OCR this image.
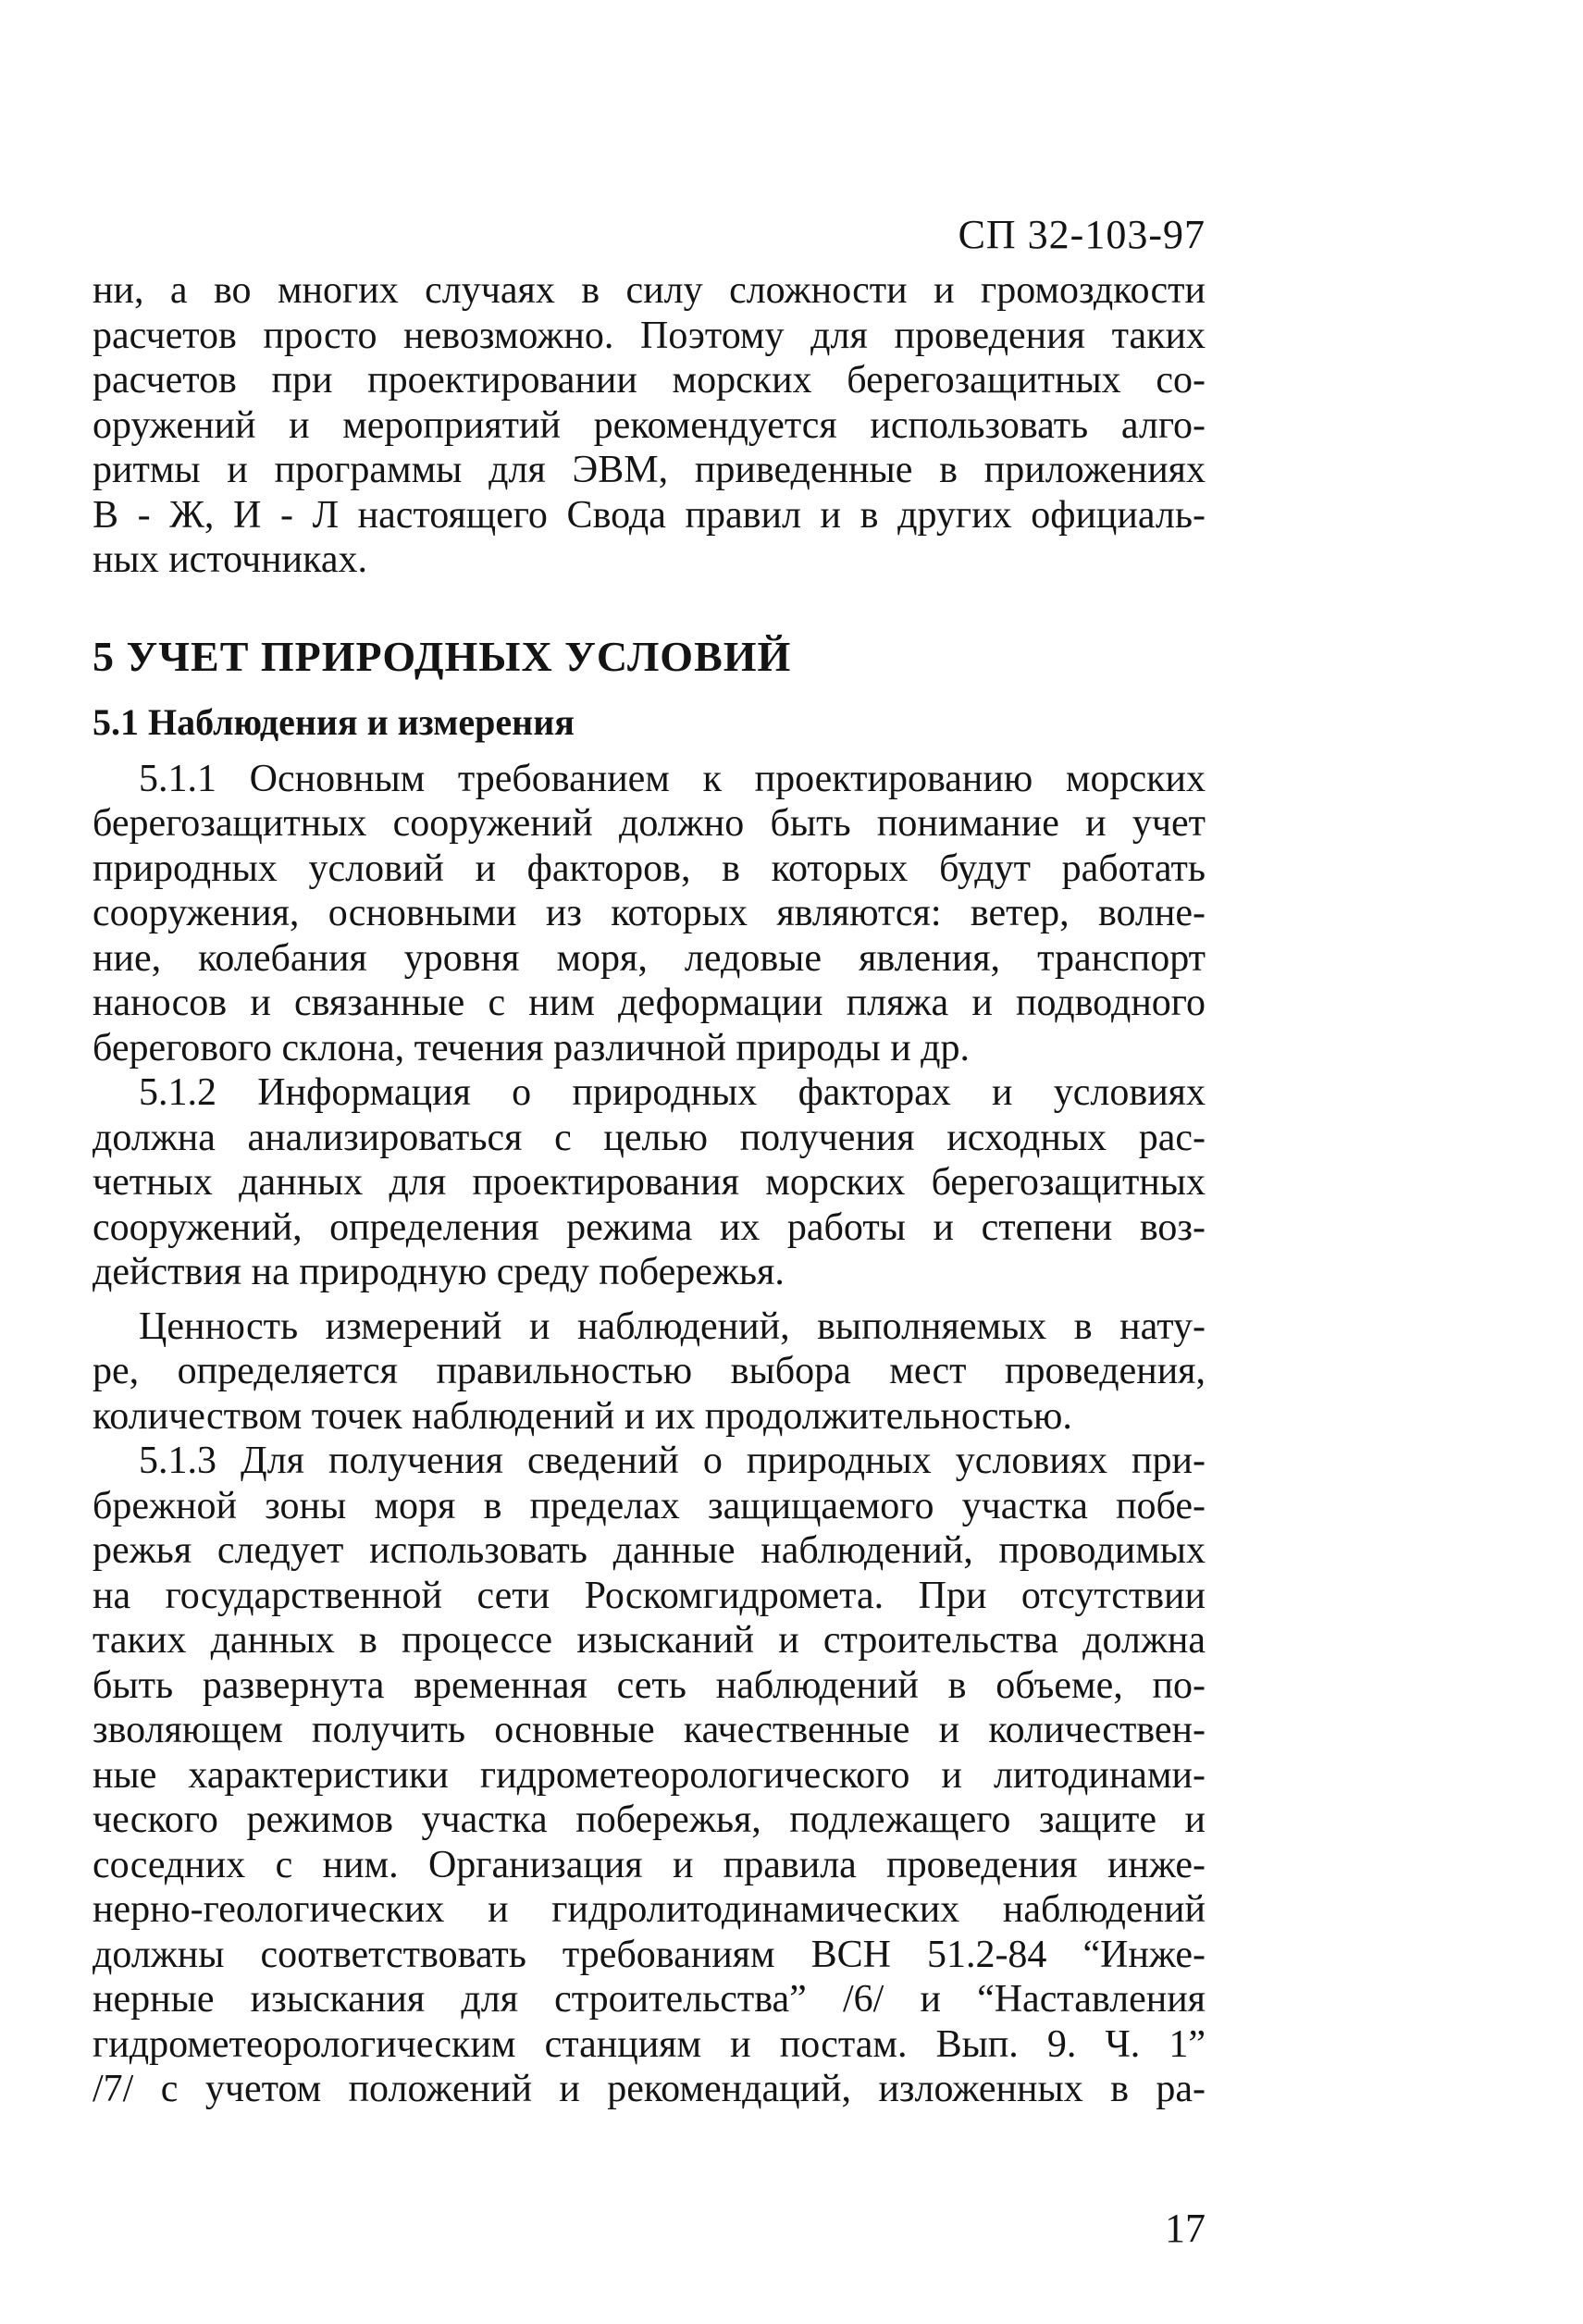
СП 32-103-97
ни, а во многих случаях в силу сложности и громоздкости
расчетов просто невозможно. Поэтому для проведения таких
расчетов при проектировании морских берегозащитных со-
оружений и мероприятий рекомендуется использовать алго-
ритмы и программы для ЭВМ, приведенные в приложениях
В - Ж, И - Л настоящего Свода правил и в других официаль-
ных источниках.
5 УЧЕТ ПРИРОДНЫХ УСЛОВИЙ
5.1 Наблюдения и измерения
5.1.1 Основным требованием к проектированию морских
берегозащитных сооружений должно быть понимание и учет
природных условий и факторов, в которых будут работать
сооружения, основными из которых являются: ветер, волне-
ние, колебания уровня моря, ледовые явления, транспорт
наносов и связанные с ним деформации пляжа и подводного
берегового склона, течения различной природы и др.
5.1.2 Информация о природных факторах и условиях
должна анализироваться с целью получения исходных рас-
четных данных для проектирования морских берегозащитных
сооружений, определения режима их работы и степени воз-
действия на природную среду побережья.
Ценность измерений и наблюдений, выполняемых в нату-
ре, определяется правильностью выбора мест проведения,
количеством точек наблюдений и их продолжительностью.
5.1.3 Для получения сведений о природных условиях при-
брежной зоны моря в пределах защищаемого участка побе-
режья следует использовать данные наблюдений, проводимых
на государственной сети Роскомгидромета. При отсутствии
таких данных в процессе изысканий и строительства должна
быть развернута временная сеть наблюдений в объеме, по-
зволяющем получить основные качественные и количествен-
ные характеристики гидрометеорологического и литодинами-
ческого режимов участка побережья, подлежащего защите и
соседних с ним. Организация и правила проведения инже-
нерно-геологических и гидролитодинамических наблюдений
должны соответствовать требованиям ВСН 51.2-84 “Инже-
нерные изыскания для строительства” /6/ и “Наставления
гидрометеорологическим станциям и постам. Вып. 9. Ч. 1”
/7/ с учетом положений и рекомендаций, изложенных в ра-
17
